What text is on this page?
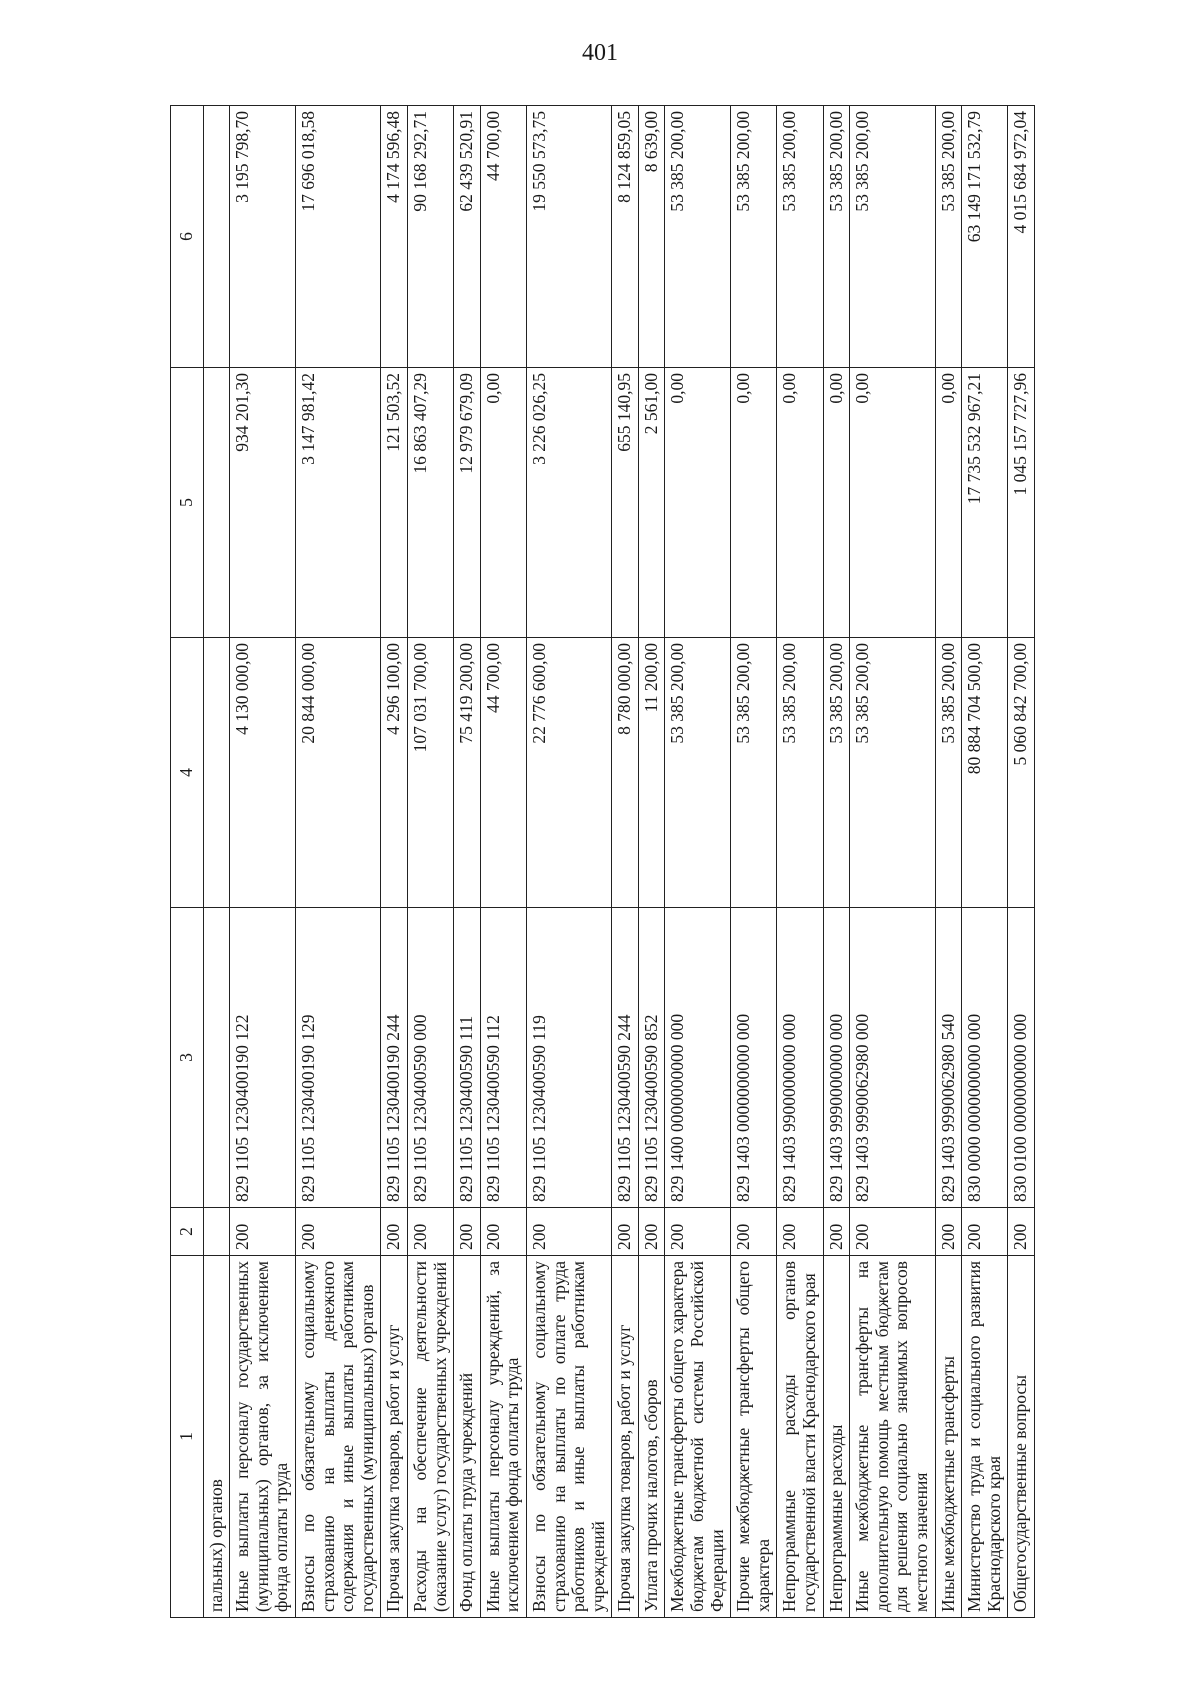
401
1	2	3	4	5	6
пальных) органов					
Иные выплаты персоналу государственных (муниципальных) органов, за исключением фонда оплаты труда	200	829 1105 1230400190 122	4 130 000,00	934 201,30	3 195 798,70
Взносы по обязательному социальному страхованию на выплаты денежного содержания и иные выплаты работникам государственных (муниципальных) органов	200	829 1105 1230400190 129	20 844 000,00	3 147 981,42	17 696 018,58
Прочая закупка товаров, работ и услуг	200	829 1105 1230400190 244	4 296 100,00	121 503,52	4 174 596,48
Расходы на обеспечение деятельности (оказание услуг) государственных учреждений	200	829 1105 1230400590 000	107 031 700,00	16 863 407,29	90 168 292,71
Фонд оплаты труда учреждений	200	829 1105 1230400590 111	75 419 200,00	12 979 679,09	62 439 520,91
Иные выплаты персоналу учреждений, за исключением фонда оплаты труда	200	829 1105 1230400590 112	44 700,00	0,00	44 700,00
Взносы по обязательному социальному страхованию на выплаты по оплате труда работников и иные выплаты работникам учреждений	200	829 1105 1230400590 119	22 776 600,00	3 226 026,25	19 550 573,75
Прочая закупка товаров, работ и услуг	200	829 1105 1230400590 244	8 780 000,00	655 140,95	8 124 859,05
Уплата прочих налогов, сборов	200	829 1105 1230400590 852	11 200,00	2 561,00	8 639,00
Межбюджетные трансферты общего характера бюджетам бюджетной системы Российской Федерации	200	829 1400 0000000000 000	53 385 200,00	0,00	53 385 200,00
Прочие межбюджетные трансферты общего характера	200	829 1403 0000000000 000	53 385 200,00	0,00	53 385 200,00
Непрограммные расходы органов государственной власти Краснодарского края	200	829 1403 9900000000 000	53 385 200,00	0,00	53 385 200,00
Непрограммные расходы	200	829 1403 9990000000 000	53 385 200,00	0,00	53 385 200,00
Иные межбюджетные трансферты на дополнительную помощь местным бюджетам для решения социально значимых вопросов местного значения	200	829 1403 9990062980 000	53 385 200,00	0,00	53 385 200,00
Иные межбюджетные трансферты	200	829 1403 9990062980 540	53 385 200,00	0,00	53 385 200,00
Министерство труда и социального развития Краснодарского края	200	830 0000 0000000000 000	80 884 704 500,00	17 735 532 967,21	63 149 171 532,79
Общегосударственные вопросы	200	830 0100 0000000000 000	5 060 842 700,00	1 045 157 727,96	4 015 684 972,04
